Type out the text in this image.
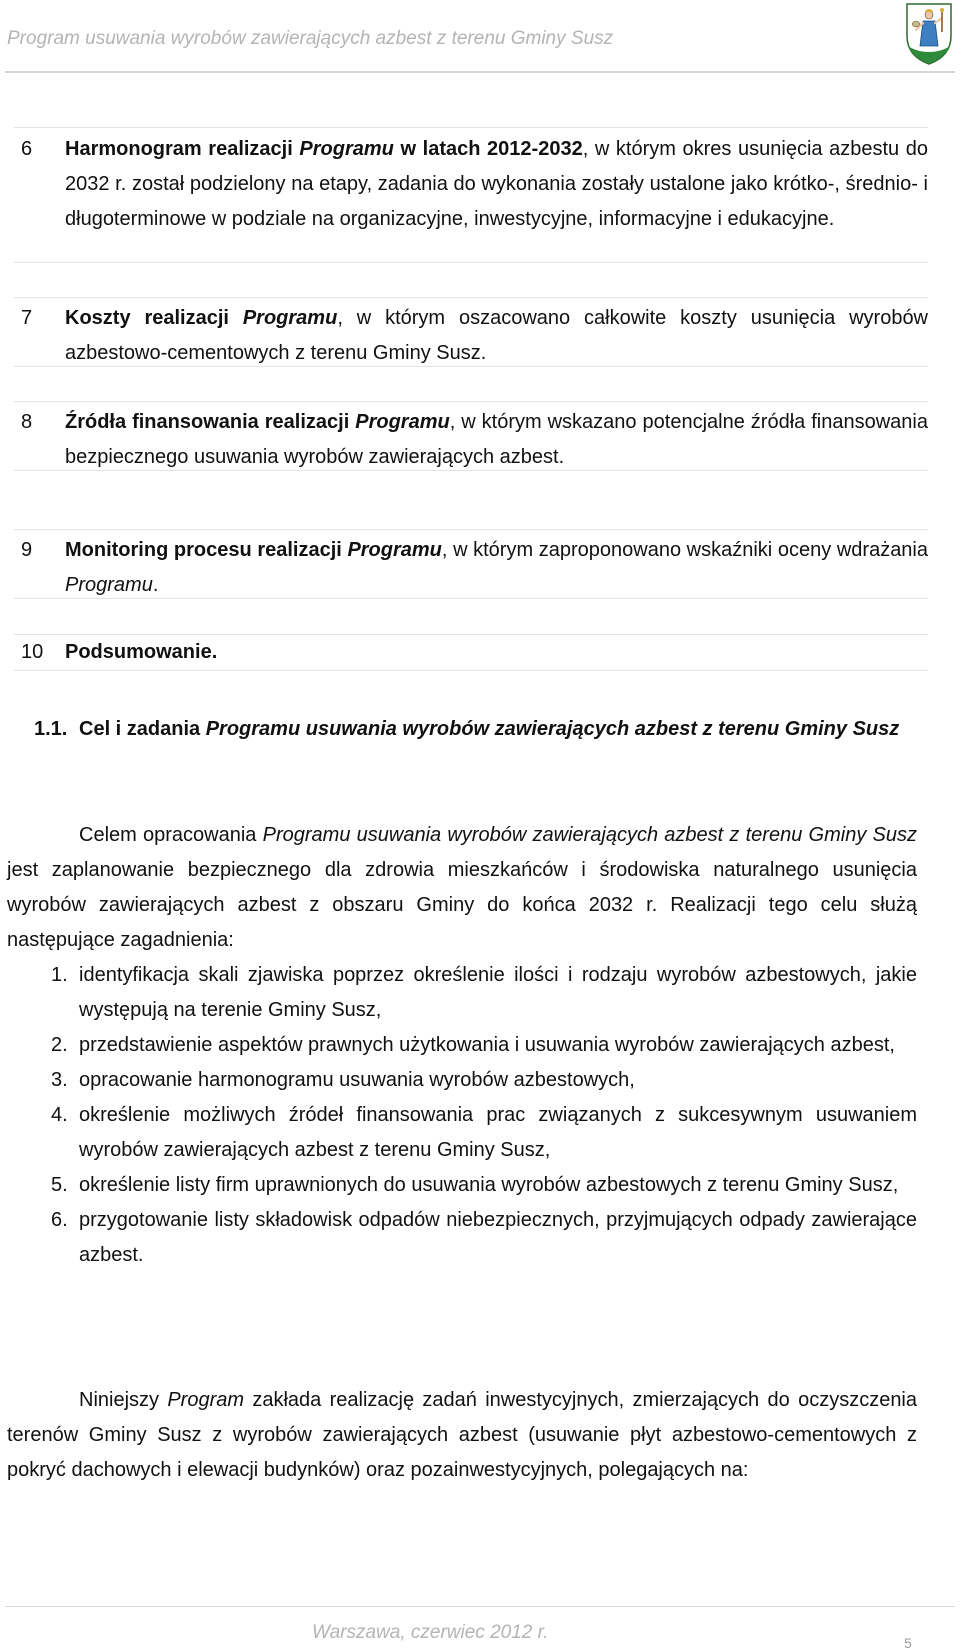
Program usuwania wyrobów zawierających azbest z terenu Gminy Susz
6 Harmonogram realizacji Programu w latach 2012-2032, w którym okres usunięcia azbestu do 2032 r. został podzielony na etapy, zadania do wykonania zostały ustalone jako krótko-, średnio- i długoterminowe w podziale na organizacyjne, inwestycyjne, informacyjne i edukacyjne.
7 Koszty realizacji Programu, w którym oszacowano całkowite koszty usunięcia wyrobów azbestowo-cementowych z terenu Gminy Susz.
8 Źródła finansowania realizacji Programu, w którym wskazano potencjalne źródła finansowania bezpiecznego usuwania wyrobów zawierających azbest.
9 Monitoring procesu realizacji Programu, w którym zaproponowano wskaźniki oceny wdrażania Programu.
10 Podsumowanie.
1.1. Cel i zadania Programu usuwania wyrobów zawierających azbest z terenu Gminy Susz
Celem opracowania Programu usuwania wyrobów zawierających azbest z terenu Gminy Susz jest zaplanowanie bezpiecznego dla zdrowia mieszkańców i środowiska naturalnego usunięcia wyrobów zawierających azbest z obszaru Gminy do końca 2032 r. Realizacji tego celu służą następujące zagadnienia:
1. identyfikacja skali zjawiska poprzez określenie ilości i rodzaju wyrobów azbestowych, jakie występują na terenie Gminy Susz,
2. przedstawienie aspektów prawnych użytkowania i usuwania wyrobów zawierających azbest,
3. opracowanie harmonogramu usuwania wyrobów azbestowych,
4. określenie możliwych źródeł finansowania prac związanych z sukcesywnym usuwaniem wyrobów zawierających azbest z terenu Gminy Susz,
5. określenie listy firm uprawnionych do usuwania wyrobów azbestowych z terenu Gminy Susz,
6. przygotowanie listy składowisk odpadów niebezpiecznych, przyjmujących odpady zawierające azbest.
Niniejszy Program zakłada realizację zadań inwestycyjnych, zmierzających do oczyszczenia terenów Gminy Susz z wyrobów zawierających azbest (usuwanie płyt azbestowo-cementowych z pokryć dachowych i elewacji budynków) oraz pozainwestycyjnych, polegających na:
Warszawa, czerwiec 2012 r.	5
